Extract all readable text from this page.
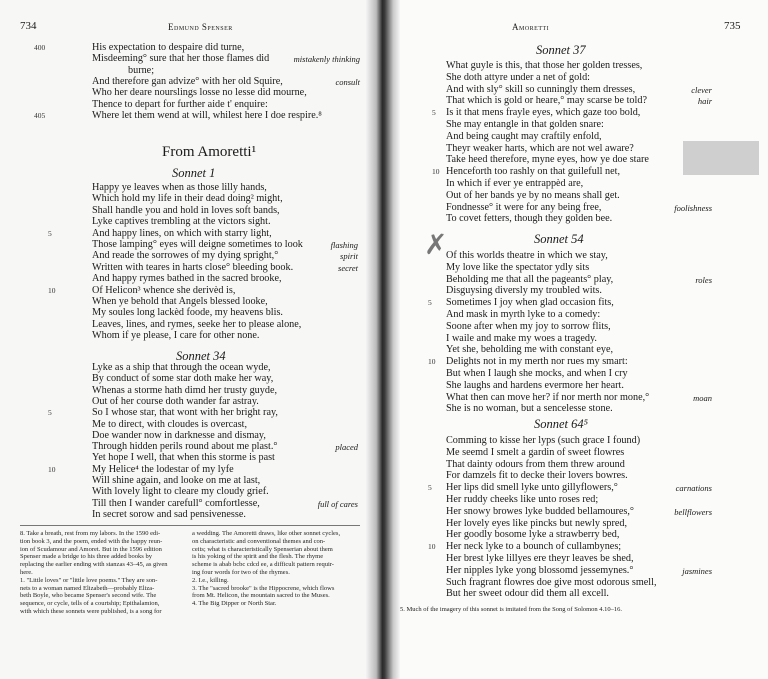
734	Edmund Spenser
400	His expectation to despaire did turne,
Misdeeming° sure that her those flames did	mistakenly thinking
burne;
And therefore gan advize° with her old Squire,	consult
Who her deare nourslings losse no lesse did mourne,
Thence to depart for further aide t' enquire:
405	Where let them wend at will, whilest here I doe respire.⁸
From Amoretti¹
Sonnet 1
Happy ye leaves when as those lilly hands,
Which hold my life in their dead doing² might,
Shall handle you and hold in loves soft bands,
Lyke captives trembling at the victors sight.
5	And happy lines, on which with starry light,
Those lamping° eyes will deigne sometimes to look	flashing
And reade the sorrowes of my dying spright,°	spirit
Written with teares in harts close° bleeding book.	secret
And happy rymes bathed in the sacred brooke,
10	Of Helicon³ whence she derivèd is,
When ye behold that Angels blessed looke,
My soules long lackèd foode, my heavens blis.
Leaves, lines, and rymes, seeke her to please alone,
Whom if ye please, I care for other none.
Sonnet 34
Lyke as a ship that through the ocean wyde,
By conduct of some star doth make her way,
Whenas a storme hath dimd her trusty guyde,
Out of her course doth wander far astray.
5	So I whose star, that wont with her bright ray,
Me to direct, with cloudes is overcast,
Doe wander now in darknesse and dismay,
Through hidden perils round about me plast.°	placed
Yet hope I well, that when this storme is past
10	My Helice⁴ the lodestar of my lyfe
Will shine again, and looke on me at last,
With lovely light to cleare my cloudy grief.
Till then I wander carefull° comfortlesse,	full of cares
In secret sorow and sad pensivenesse.
8. Take a breath, rest from my labors. In the 1590 edi-
tion book 3, and the poem, ended with the happy reun-
ion of Scudamour and Amoret. But in the 1596 edition
Spenser made a bridge to his three added books by
replacing the earlier ending with stanzas 43–45, as given
here.
1. "Little loves" or "little love poems." They are son-
nets to a woman named Elizabeth—probably Eliza-
beth Boyle, who became Spenser's second wife. The
sequence, or cycle, tells of a courtship; Epithalamion,
with which these sonnets were published, is a song for
a wedding. The Amoretti draws, like other sonnet cycles,
on characteristic and conventional themes and con-
ceits; what is characteristically Spenserian about them
is his yoking of the spirit and the flesh. The rhyme
scheme is abab bcbc cdcd ee, a difficult pattern requir-
ing four words for two of the rhymes.
2. I.e., killing.
3. The "sacred brooke" is the Hippocrene, which flows
from Mt. Helicon, the mountain sacred to the Muses.
4. The Big Dipper or North Star.
Amoretti	735
Sonnet 37
What guyle is this, that those her golden tresses,
She doth attyre under a net of gold:
And with sly° skill so cunningly them dresses,	clever
That which is gold or heare,° may scarse be told?	hair
5 Is it that mens frayle eyes, which gaze too bold,
She may entangle in that golden snare:
And being caught may craftily enfold,
Theyr weaker harts, which are not wel aware?
Take heed therefore, myne eyes, how ye doe stare
10 Henceforth too rashly on that guilefull net,
In which if ever ye entrappèd are,
Out of her bands ye by no means shall get.
Fondnesse° it were for any being free,	foolishness
To covet fetters, though they golden bee.
Sonnet 54
Of this worlds theatre in which we stay,
My love like the spectator ydly sits
Beholding me that all the pageants° play,	roles
Disguysing diversly my troubled wits.
5 Sometimes I joy when glad occasion fits,
And mask in myrth lyke to a comedy:
Soone after when my joy to sorrow flits,
I waile and make my woes a tragedy.
Yet she, beholding me with constant eye,
10 Delights not in my merth nor rues my smart:
But when I laugh she mocks, and when I cry
She laughs and hardens evermore her heart.
What then can move her? if nor merth nor mone,°	moan
She is no woman, but a sencelesse stone.
Sonnet 64⁵
Comming to kisse her lyps (such grace I found)
Me seemd I smelt a gardin of sweet flowres
That dainty odours from them threw around
For damzels fit to decke their lovers bowres.
5 Her lips did smell lyke unto gillyflowers,°	carnations
Her ruddy cheeks like unto roses red;
Her snowy browes lyke budded bellamoures,°	bellflowers
Her lovely eyes like pincks but newly spred,
Her goodly bosome lyke a strawberry bed,
10 Her neck lyke to a bounch of cullambynes;
Her brest lyke lillyes ere theyr leaves be shed,
Her nipples lyke yong blossomd jessemynes.°	jasmines
Such fragrant flowres doe give most odorous smell,
But her sweet odour did them all excell.
5. Much of the imagery of this sonnet is imitated from the Song of Solomon 4.10–16.
✗
